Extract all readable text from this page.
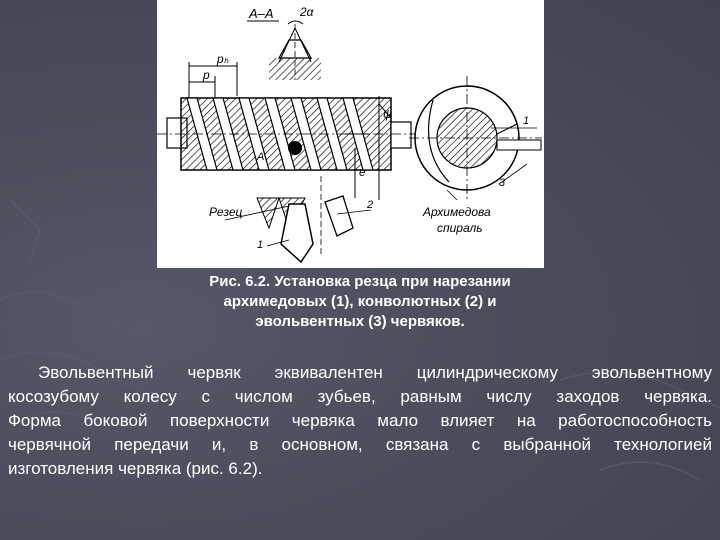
A–A 2α
pₕ
p
A
ψ
e
Резец
1
2
1
3
Архимедова
спираль
Рис. 6.2. Установка резца при нарезании
архимедовых (1), конволютных (2) и
эвольвентных (3) червяков.
Эвольвентный червяк эквивалентен цилиндрическому эвольвентному
косозубому колесу с числом зубьев, равным числу заходов червяка.
Форма боковой поверхности червяка мало влияет на работоспособность
червячной передачи и, в основном, связана с выбранной технологией
изготовления червяка (рис. 6.2).
